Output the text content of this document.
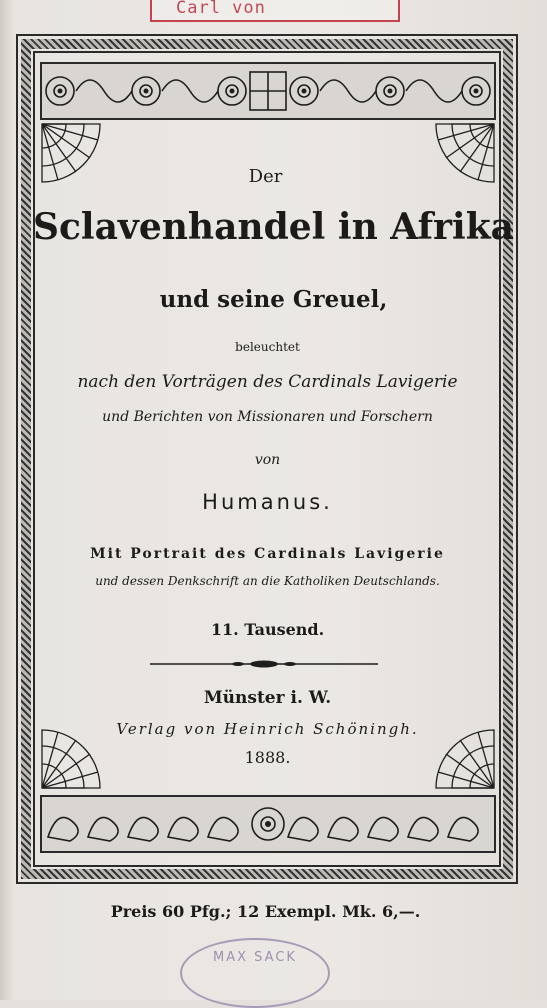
Carl von
Der
Sclavenhandel in Afrika
und seine Greuel,
beleuchtet
nach den Vorträgen des Cardinals Lavigerie
und Berichten von Missionaren und Forschern
von
Humanus.
Mit Portrait des Cardinals Lavigerie
und dessen Denkschrift an die Katholiken Deutschlands.
11. Tausend.
Münster i. W.
Verlag von Heinrich Schöningh.
1888.
Preis 60 Pfg.; 12 Exempl. Mk. 6,—.
MAX SACK
